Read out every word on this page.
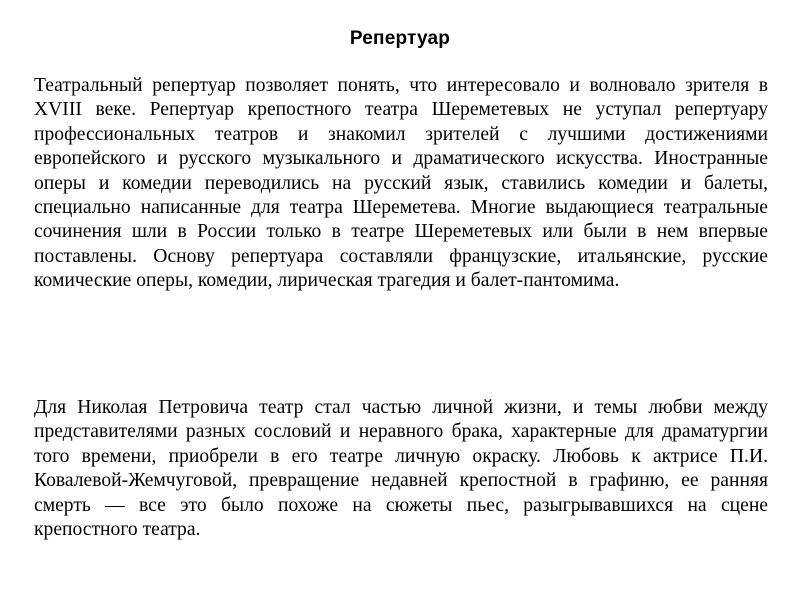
Репертуар

Театральный репертуар позволяет понять, что интересовало и волновало зрителя в XVIII веке. Репертуар крепостного театра Шереметевых не уступал репертуару профессиональных театров и знакомил зрителей с лучшими достижениями европейского и русского музыкального и драматического искусства. Иностранные оперы и комедии переводились на русский язык, ставились комедии и балеты, специально написанные для театра Шереметева. Многие выдающиеся театральные сочинения шли в России только в театре Шереметевых или были в нем впервые поставлены. Основу репертуара составляли французские, итальянские, русские комические оперы, комедии, лирическая трагедия и балет-пантомима.

Для Николая Петровича театр стал частью личной жизни, и темы любви между представителями разных сословий и неравного брака, характерные для драматургии того времени, приобрели в его театре личную окраску. Любовь к актрисе П.И. Ковалевой-Жемчуговой, превращение недавней крепостной в графиню, ее ранняя смерть — все это было похоже на сюжеты пьес, разыгрывавшихся на сцене крепостного театра.
